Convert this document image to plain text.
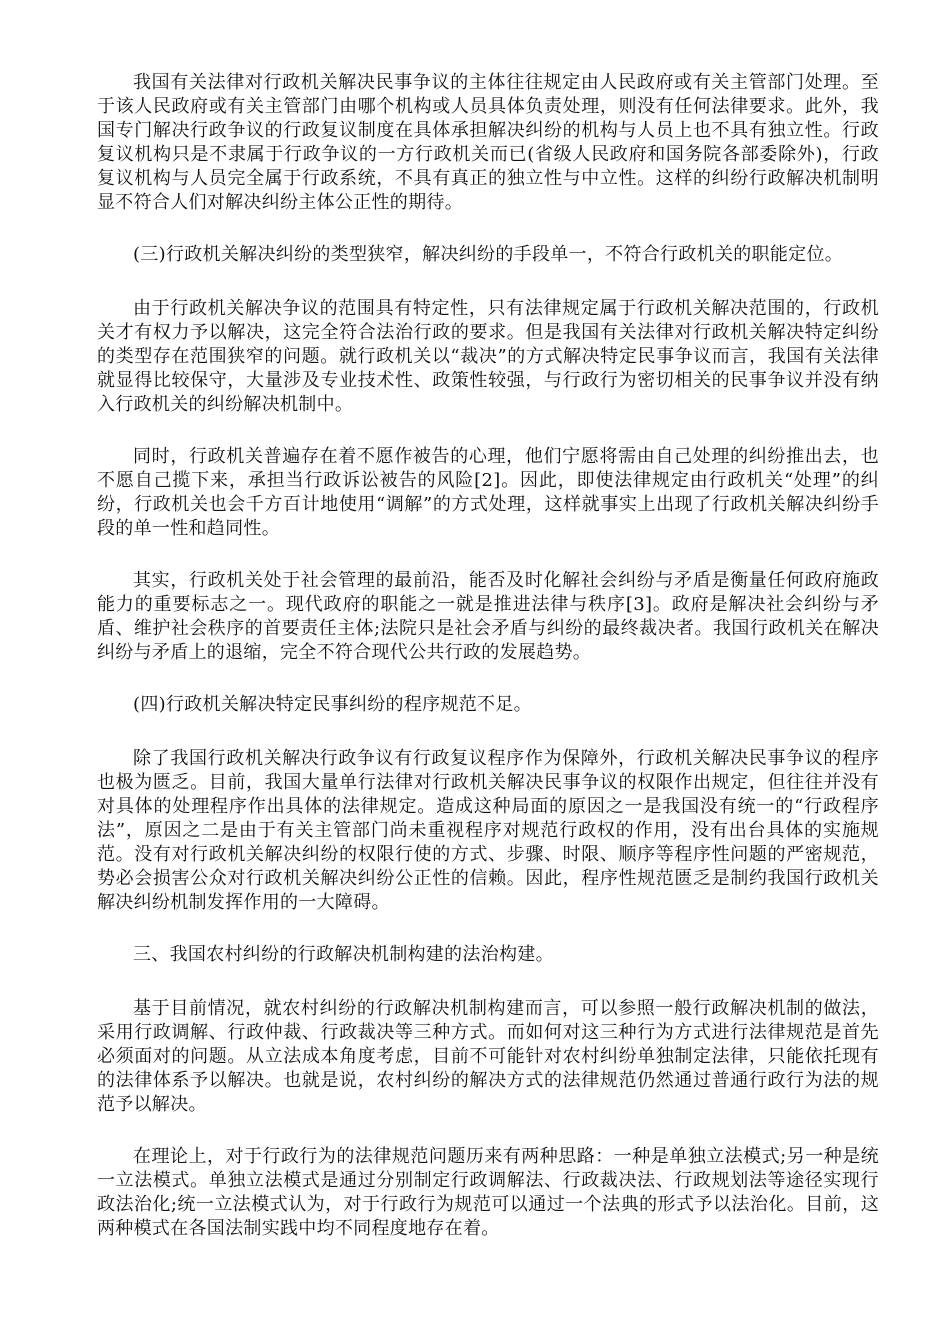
我国有关法律对行政机关解决民事争议的主体往往规定由人民政府或有关主管部门处理。至于该人民政府或有关主管部门由哪个机构或人员具体负责处理，则没有任何法律要求。此外，我国专门解决行政争议的行政复议制度在具体承担解决纠纷的机构与人员上也不具有独立性。行政复议机构只是不隶属于行政争议的一方行政机关而已(省级人民政府和国务院各部委除外)，行政复议机构与人员完全属于行政系统，不具有真正的独立性与中立性。这样的纠纷行政解决机制明显不符合人们对解决纠纷主体公正性的期待。

(三)行政机关解决纠纷的类型狭窄，解决纠纷的手段单一，不符合行政机关的职能定位。

由于行政机关解决争议的范围具有特定性，只有法律规定属于行政机关解决范围的，行政机关才有权力予以解决，这完全符合法治行政的要求。但是我国有关法律对行政机关解决特定纠纷的类型存在范围狭窄的问题。就行政机关以“裁决”的方式解决特定民事争议而言，我国有关法律就显得比较保守，大量涉及专业技术性、政策性较强，与行政行为密切相关的民事争议并没有纳入行政机关的纠纷解决机制中。

同时，行政机关普遍存在着不愿作被告的心理，他们宁愿将需由自己处理的纠纷推出去，也不愿自己揽下来，承担当行政诉讼被告的风险[2]。因此，即使法律规定由行政机关“处理”的纠纷，行政机关也会千方百计地使用“调解”的方式处理，这样就事实上出现了行政机关解决纠纷手段的单一性和趋同性。

其实，行政机关处于社会管理的最前沿，能否及时化解社会纠纷与矛盾是衡量任何政府施政能力的重要标志之一。现代政府的职能之一就是推进法律与秩序[3]。政府是解决社会纠纷与矛盾、维护社会秩序的首要责任主体;法院只是社会矛盾与纠纷的最终裁决者。我国行政机关在解决纠纷与矛盾上的退缩，完全不符合现代公共行政的发展趋势。

(四)行政机关解决特定民事纠纷的程序规范不足。

除了我国行政机关解决行政争议有行政复议程序作为保障外，行政机关解决民事争议的程序也极为匮乏。目前，我国大量单行法律对行政机关解决民事争议的权限作出规定，但往往并没有对具体的处理程序作出具体的法律规定。造成这种局面的原因之一是我国没有统一的“行政程序法”，原因之二是由于有关主管部门尚未重视程序对规范行政权的作用，没有出台具体的实施规范。没有对行政机关解决纠纷的权限行使的方式、步骤、时限、顺序等程序性问题的严密规范，势必会损害公众对行政机关解决纠纷公正性的信赖。因此，程序性规范匮乏是制约我国行政机关解决纠纷机制发挥作用的一大障碍。

三、我国农村纠纷的行政解决机制构建的法治构建。

基于目前情况，就农村纠纷的行政解决机制构建而言，可以参照一般行政解决机制的做法，采用行政调解、行政仲裁、行政裁决等三种方式。而如何对这三种行为方式进行法律规范是首先必须面对的问题。从立法成本角度考虑，目前不可能针对农村纠纷单独制定法律，只能依托现有的法律体系予以解决。也就是说，农村纠纷的解决方式的法律规范仍然通过普通行政行为法的规范予以解决。

在理论上，对于行政行为的法律规范问题历来有两种思路：一种是单独立法模式;另一种是统一立法模式。单独立法模式是通过分别制定行政调解法、行政裁决法、行政规划法等途径实现行政法治化;统一立法模式认为，对于行政行为规范可以通过一个法典的形式予以法治化。目前，这两种模式在各国法制实践中均不同程度地存在着。
